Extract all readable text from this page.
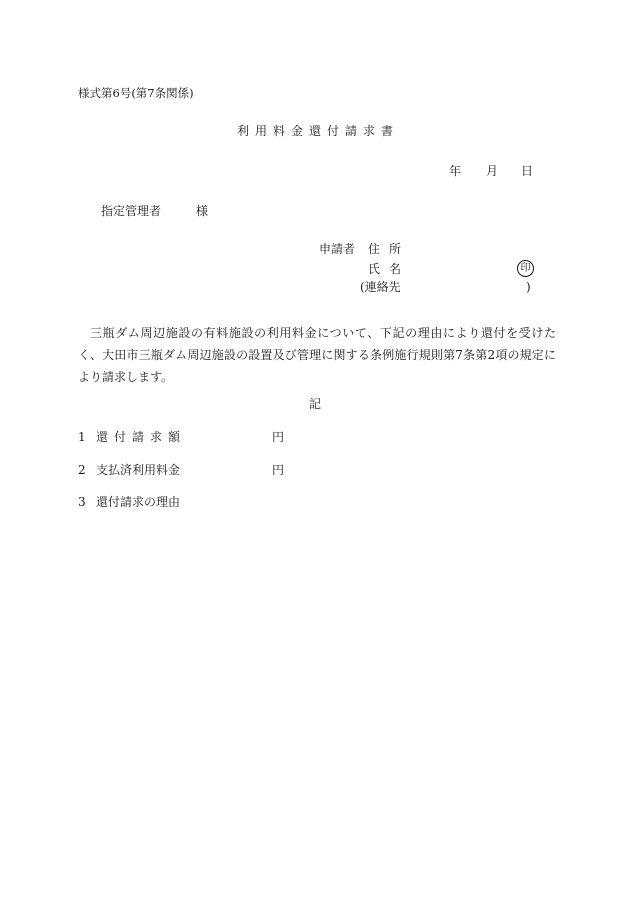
様式第6号(第7条関係)
利用料金還付請求書
年 月 日
指定管理者	様
申請者 住所
氏名	印
(連絡先	)
三瓶ダム周辺施設の有料施設の利用料金について、下記の理由により還付を受けたく、大田市三瓶ダム周辺施設の設置及び管理に関する条例施行規則第7条第2項の規定により請求します。
記
1 還付請求額	円
2 支払済利用料金	円
3 還付請求の理由
